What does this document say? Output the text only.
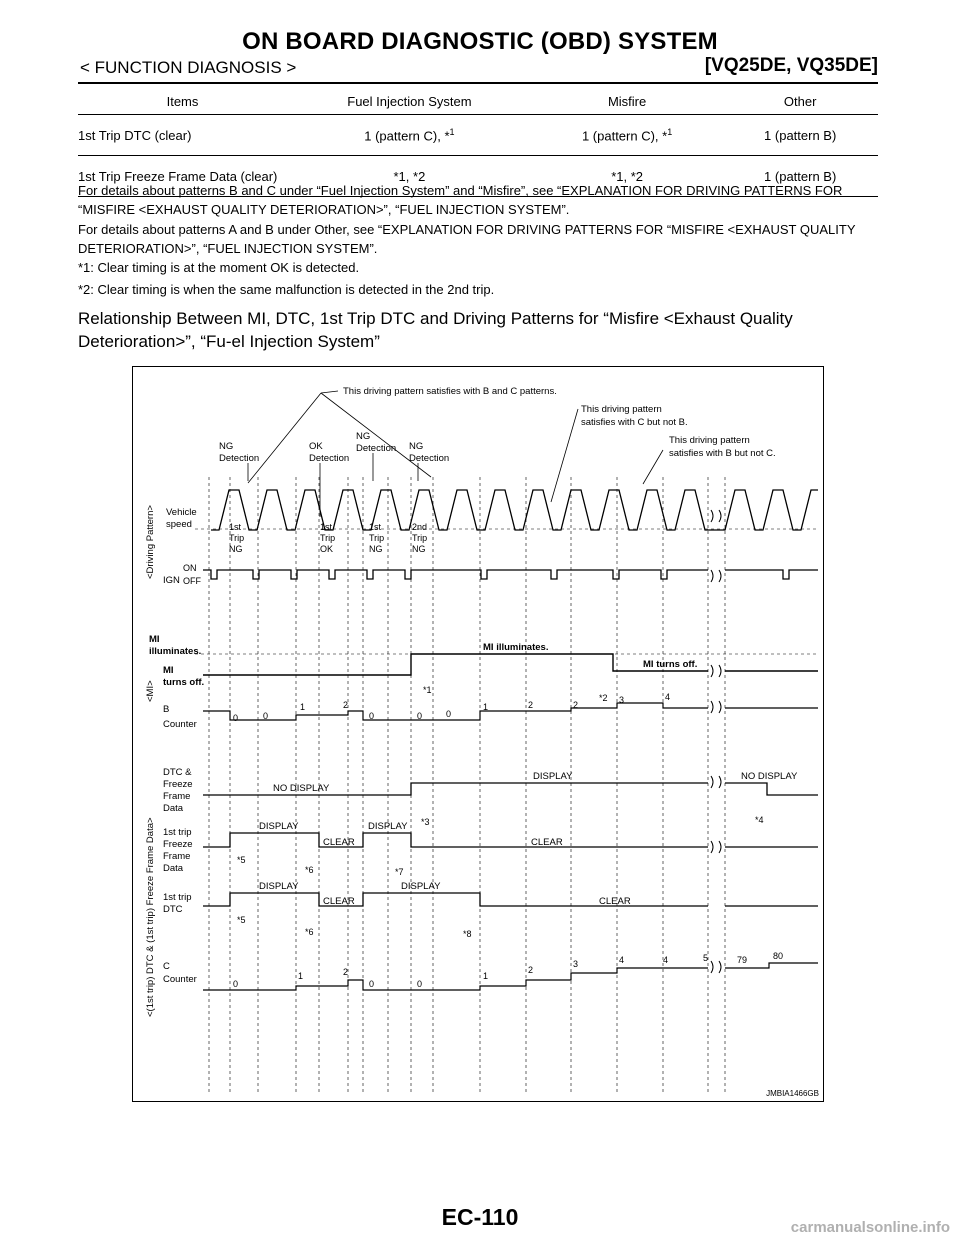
ON BOARD DIAGNOSTIC (OBD) SYSTEM
< FUNCTION DIAGNOSIS >	[VQ25DE, VQ35DE]
Items	Fuel Injection System	Misfire	Other
1st Trip DTC (clear)	1 (pattern C), *$^1$	1 (pattern C), *$^1$	1 (pattern B)
1st Trip Freeze Frame Data (clear)	*1, *2	*1, *2	1 (pattern B)
For details about patterns B and C under “Fuel Injection System” and “Misfire”, see “EXPLANATION FOR DRIVING PATTERNS FOR “MISFIRE <EXHAUST QUALITY DETERIORATION>”, “FUEL INJECTION SYSTEM”.
For details about patterns A and B under Other, see “EXPLANATION FOR DRIVING PATTERNS FOR “MISFIRE <EXHAUST QUALITY DETERIORATION>”, “FUEL INJECTION SYSTEM”.
*1: Clear timing is at the moment OK is detected.
*2: Clear timing is when the same malfunction is detected in the 2nd trip.
Relationship Between MI, DTC, 1st Trip DTC and Driving Patterns for “Misfire <Exhaust Quality Deterioration>”, “Fu-el Injection System”
<Driving Pattern>
<MI>
<(1st trip) DTC & (1st trip) Freeze Frame Data>
This driving pattern satisfies with B and C patterns.
This driving pattern
satisfies with C but not B.
This driving pattern
satisfies with B but not C.
NG
Detection
OK
Detection
NG
Detection NG
Detection
Vehicle
speed	1st
Trip
NG
1st
Trip
OK
1st
Trip
NG
2nd
Trip
NG
IGN
ON
OFF
MI
illuminates.
MI
turns off.
MI illuminates.
MI turns off.
*1
*2
B
Counter
0	0
1	2
0	0	0
1	2	2	3	4
DTC &
Freeze
Frame
Data
NO DISPLAY
DISPLAY	NO DISPLAY
*3	*4
1st trip
Freeze
Frame
Data
DISPLAY
CLEAR
DISPLAY
CLEAR
*5
*6	*7
1st trip
DTC
DISPLAY
CLEAR
DISPLAY
CLEAR
*5
*6	*8
C
Counter	0
1	2
0	0
1
2
3	4	4	5	79	80
JMBIA1466GB
EC-110	carmanualsonline.info
